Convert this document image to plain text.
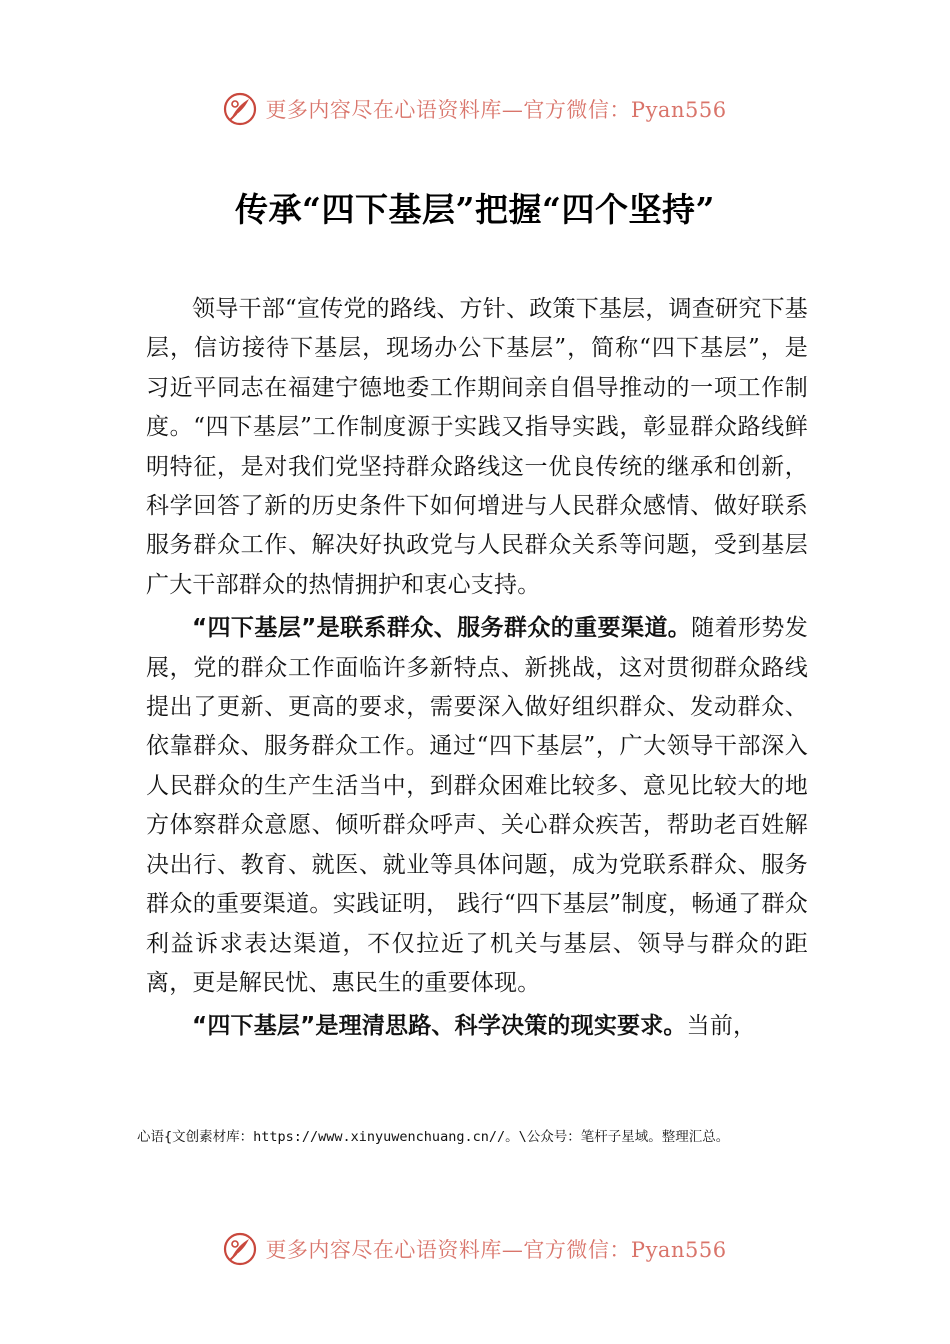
更多内容尽在心语资料库—官方微信：Pyan556
传承“四下基层”把握“四个坚持”

领导干部“宣传党的路线、方针、政策下基层，调查研究下基层，信访接待下基层，现场办公下基层”，简称“四下基层”，是习近平同志在福建宁德地委工作期间亲自倡导推动的一项工作制度。“四下基层”工作制度源于实践又指导实践，彰显群众路线鲜明特征，是对我们党坚持群众路线这一优良传统的继承和创新，科学回答了新的历史条件下如何增进与人民群众感情、做好联系服务群众工作、解决好执政党与人民群众关系等问题，受到基层广大干部群众的热情拥护和衷心支持。

“四下基层”是联系群众、服务群众的重要渠道。随着形势发展，党的群众工作面临许多新特点、新挑战，这对贯彻群众路线提出了更新、更高的要求，需要深入做好组织群众、发动群众、依靠群众、服务群众工作。通过“四下基层”，广大领导干部深入人民群众的生产生活当中，到群众困难比较多、意见比较大的地方体察群众意愿、倾听群众呼声、关心群众疾苦，帮助老百姓解决出行、教育、就医、就业等具体问题，成为党联系群众、服务群众的重要渠道。实践证明， 践行“四下基层”制度，畅通了群众利益诉求表达渠道，不仅拉近了机关与基层、领导与群众的距离，更是解民忧、惠民生的重要体现。

“四下基层”是理清思路、科学决策的现实要求。当前，

心语{文创素材库：https://www.xinyuwenchuang.cn//。\公众号：笔杆子星域。整理汇总。
更多内容尽在心语资料库—官方微信：Pyan556
